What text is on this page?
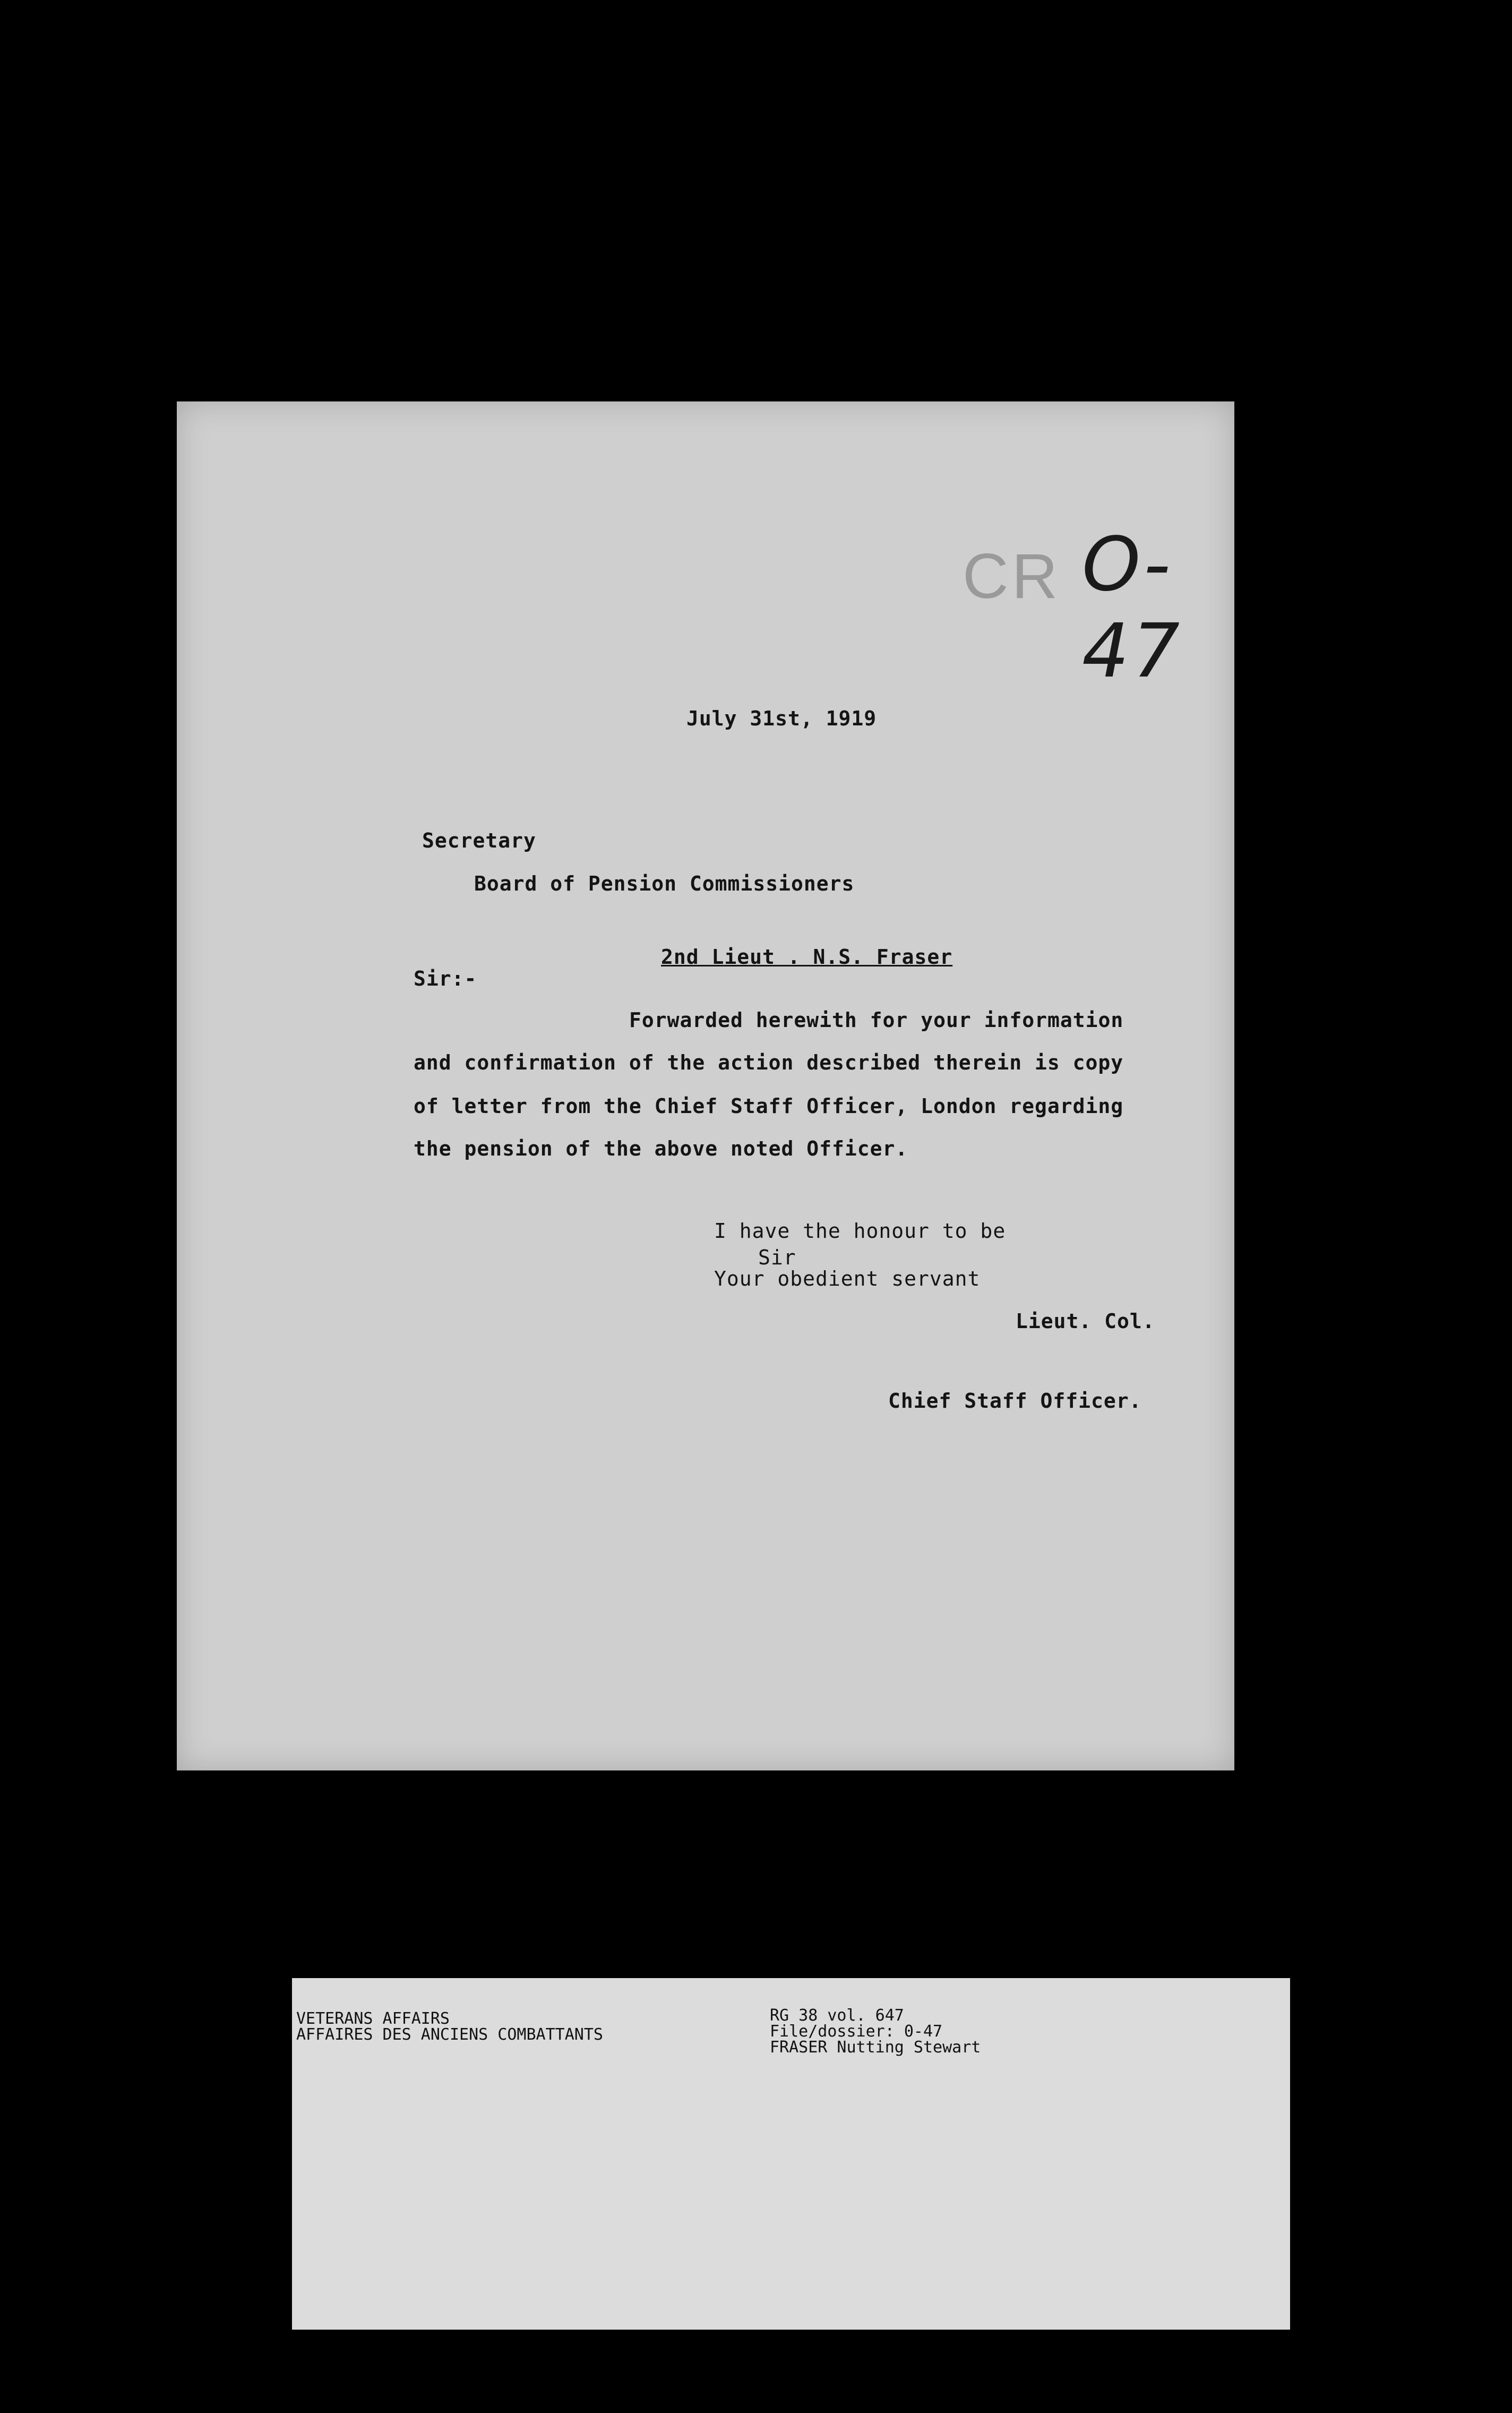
CR O-47
July 31st, 1919
Secretary
Board of Pension Commissioners
2nd Lieut . N.S. Fraser
Sir:-
Forwarded herewith for your information
and confirmation of the action described therein is copy
of letter from the Chief Staff Officer, London regarding
the pension of the above noted Officer.
I have the honour to be
Sir
Your obedient servant
Lieut. Col.
Chief Staff Officer.
VETERANS AFFAIRS
AFFAIRES DES ANCIENS COMBATTANTS
RG 38 vol. 647
File/dossier: 0-47
FRASER Nutting Stewart
